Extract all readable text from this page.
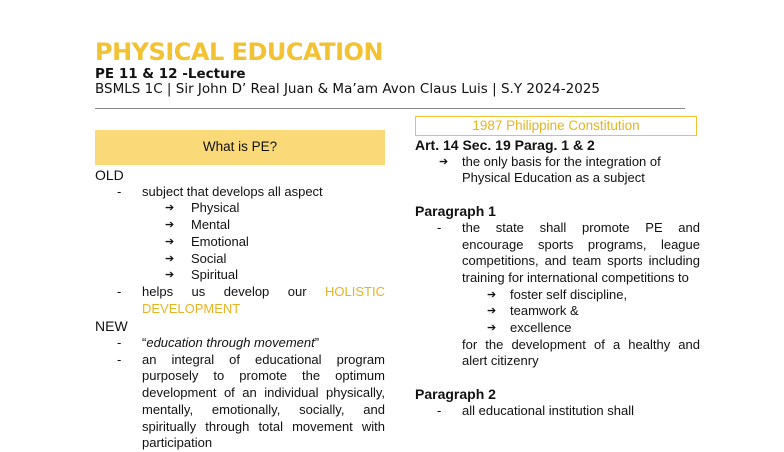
PHYSICAL EDUCATION
PE 11 & 12 -Lecture
BSMLS 1C | Sir John D’ Real Juan & Ma’am Avon Claus Luis | S.Y 2024-2025
What is PE?
OLD
- subject that develops all aspect
➔ Physical
➔ Mental
➔ Emotional
➔ Social
➔ Spiritual
- helps us develop our HOLISTIC DEVELOPMENT
NEW
- “education through movement”
- an integral of educational program purposely to promote the optimum development of an individual physically, mentally, emotionally, socially, and spiritually through total movement with participation
1987 Philippine Constitution
Art. 14 Sec. 19 Parag. 1 & 2
➔ the only basis for the integration of Physical Education as a subject
Paragraph 1
- the state shall promote PE and encourage sports programs, league competitions, and team sports including training for international competitions to
➔ foster self discipline,
➔ teamwork &
➔ excellence
for the development of a healthy and alert citizenry
Paragraph 2
- all educational institution shall
